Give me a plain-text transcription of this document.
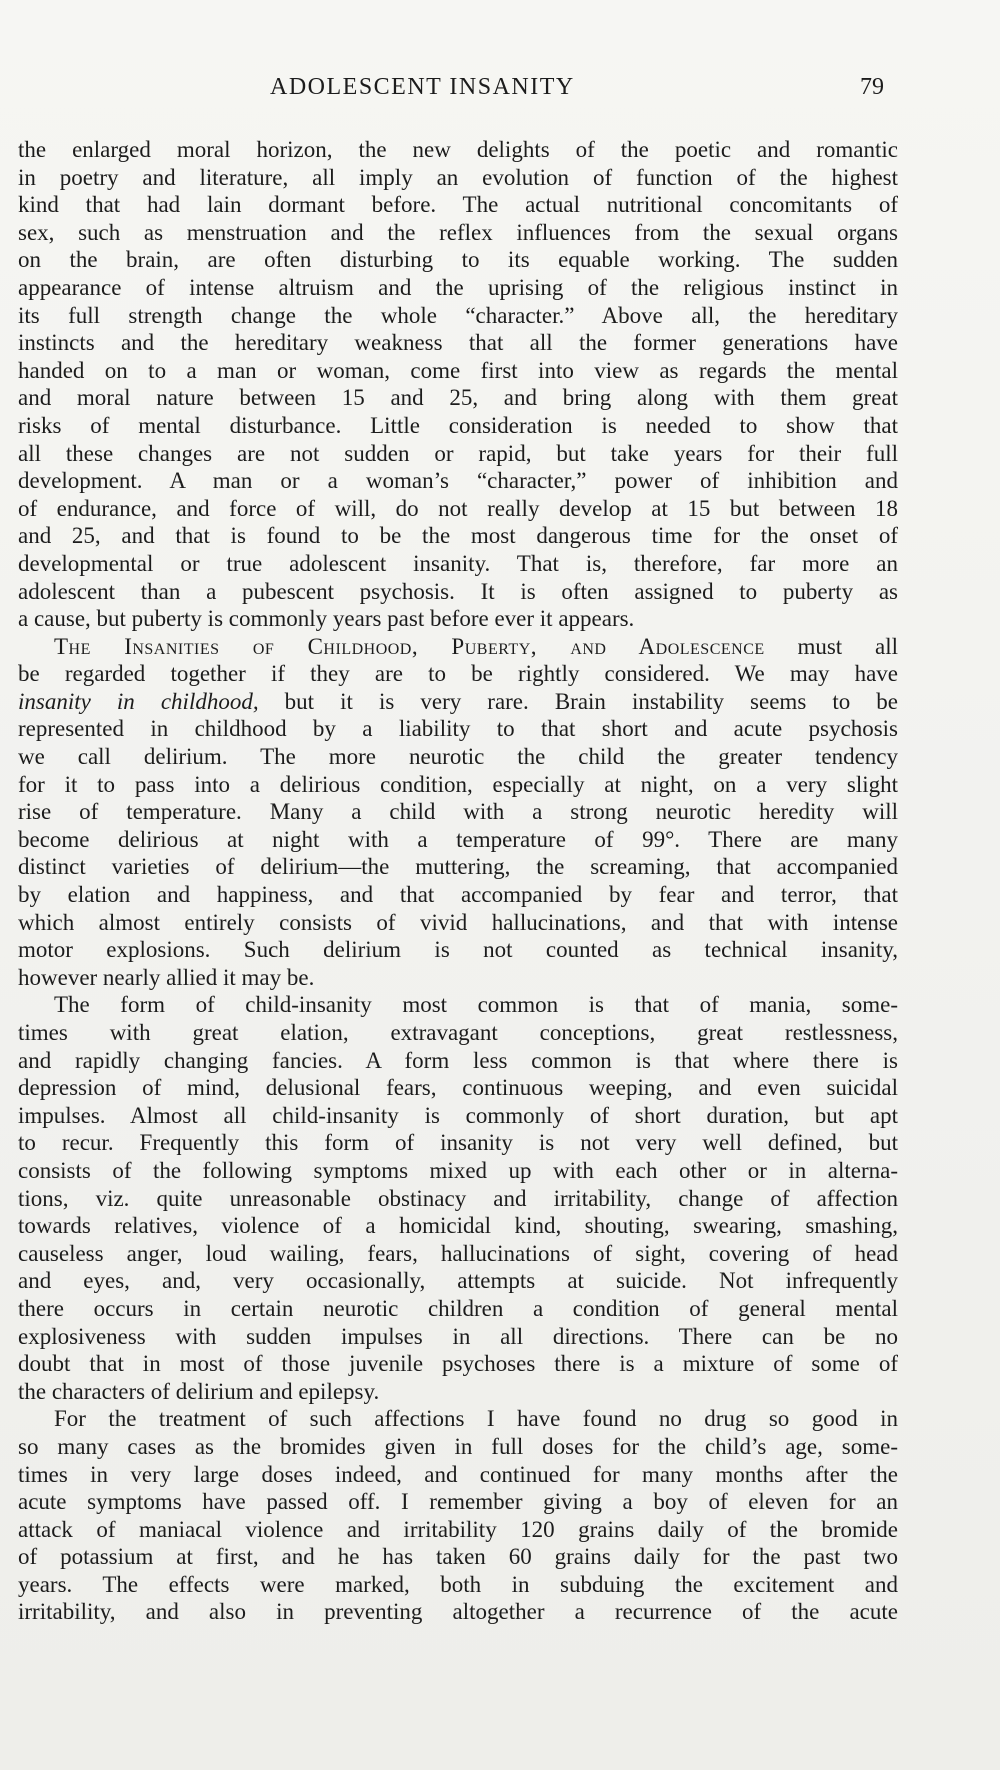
ADOLESCENT INSANITY	79
the enlarged moral horizon, the new delights of the poetic and romantic
in poetry and literature, all imply an evolution of function of the highest
kind that had lain dormant before. The actual nutritional concomitants of
sex, such as menstruation and the reflex influences from the sexual organs
on the brain, are often disturbing to its equable working. The sudden
appearance of intense altruism and the uprising of the religious instinct in
its full strength change the whole “character.” Above all, the hereditary
instincts and the hereditary weakness that all the former generations have
handed on to a man or woman, come first into view as regards the mental
and moral nature between 15 and 25, and bring along with them great
risks of mental disturbance. Little consideration is needed to show that
all these changes are not sudden or rapid, but take years for their full
development. A man or a woman’s “character,” power of inhibition and
of endurance, and force of will, do not really develop at 15 but between 18
and 25, and that is found to be the most dangerous time for the onset of
developmental or true adolescent insanity. That is, therefore, far more an
adolescent than a pubescent psychosis. It is often assigned to puberty as
a cause, but puberty is commonly years past before ever it appears.
The Insanities of Childhood, Puberty, and Adolescence must all
be regarded together if they are to be rightly considered. We may have
insanity in childhood, but it is very rare. Brain instability seems to be
represented in childhood by a liability to that short and acute psychosis
we call delirium. The more neurotic the child the greater tendency
for it to pass into a delirious condition, especially at night, on a very slight
rise of temperature. Many a child with a strong neurotic heredity will
become delirious at night with a temperature of 99°. There are many
distinct varieties of delirium—the muttering, the screaming, that accompanied
by elation and happiness, and that accompanied by fear and terror, that
which almost entirely consists of vivid hallucinations, and that with intense
motor explosions. Such delirium is not counted as technical insanity,
however nearly allied it may be.
The form of child-insanity most common is that of mania, some-
times with great elation, extravagant conceptions, great restlessness,
and rapidly changing fancies. A form less common is that where there is
depression of mind, delusional fears, continuous weeping, and even suicidal
impulses. Almost all child-insanity is commonly of short duration, but apt
to recur. Frequently this form of insanity is not very well defined, but
consists of the following symptoms mixed up with each other or in alterna-
tions, viz. quite unreasonable obstinacy and irritability, change of affection
towards relatives, violence of a homicidal kind, shouting, swearing, smashing,
causeless anger, loud wailing, fears, hallucinations of sight, covering of head
and eyes, and, very occasionally, attempts at suicide. Not infrequently
there occurs in certain neurotic children a condition of general mental
explosiveness with sudden impulses in all directions. There can be no
doubt that in most of those juvenile psychoses there is a mixture of some of
the characters of delirium and epilepsy.
For the treatment of such affections I have found no drug so good in
so many cases as the bromides given in full doses for the child’s age, some-
times in very large doses indeed, and continued for many months after the
acute symptoms have passed off. I remember giving a boy of eleven for an
attack of maniacal violence and irritability 120 grains daily of the bromide
of potassium at first, and he has taken 60 grains daily for the past two
years. The effects were marked, both in subduing the excitement and
irritability, and also in preventing altogether a recurrence of the acute
